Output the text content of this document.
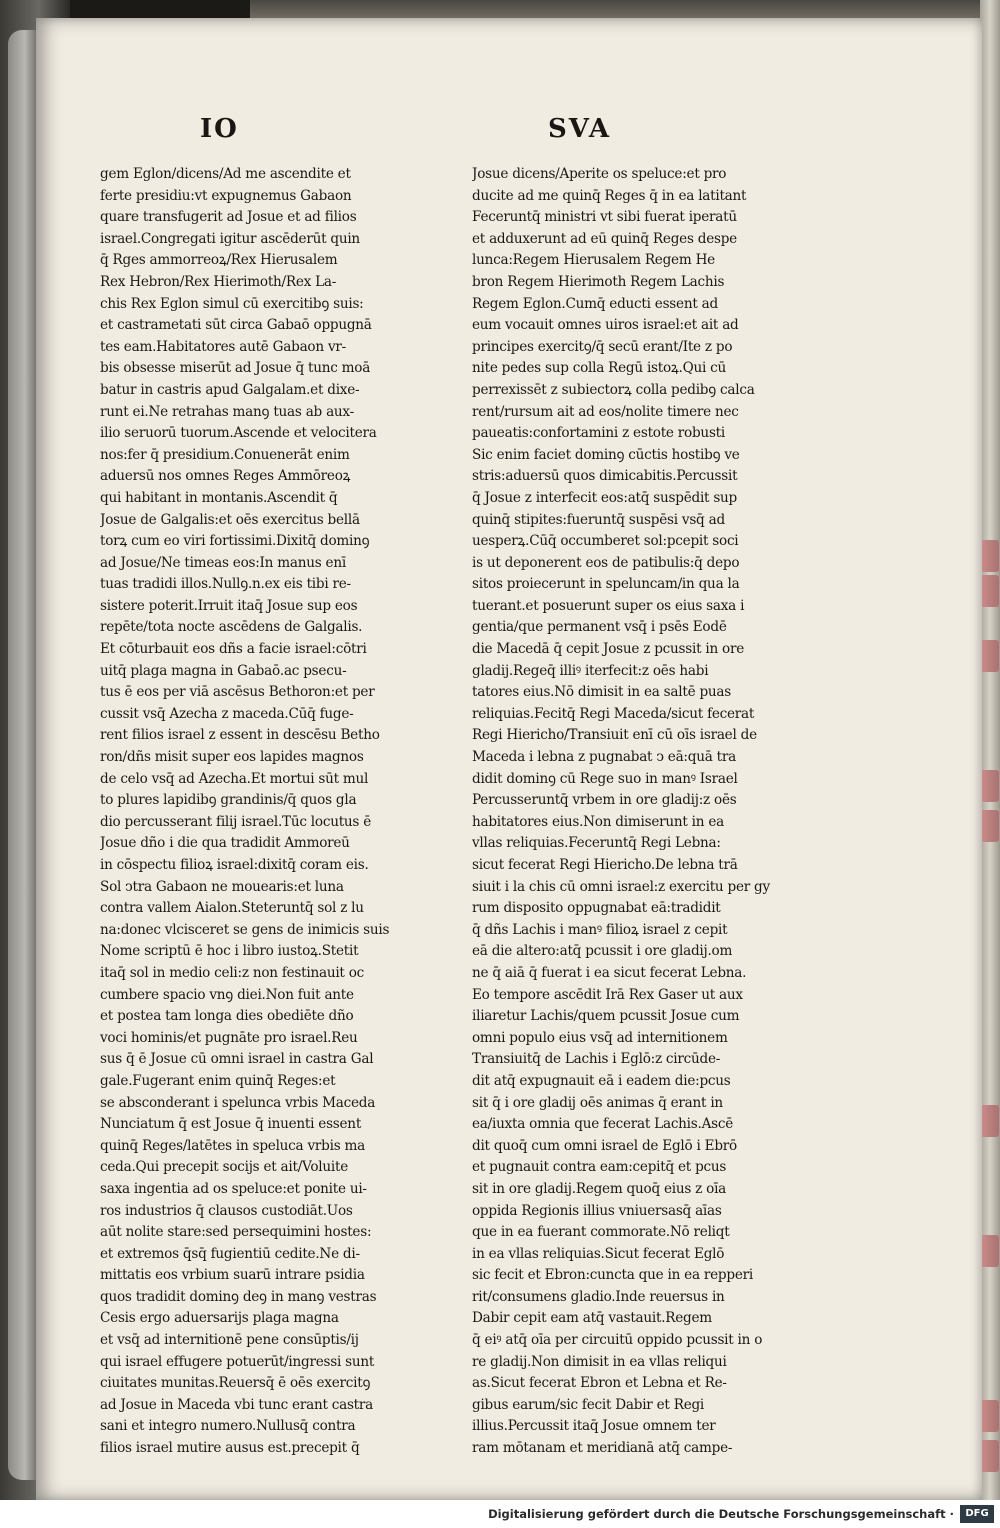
IO	SVA
gem Eglon/dicens/Ad me ascendite et
ferte presidiu:vt expugnemus Gabaon
quare transfugerit ad Josue et ad filios
israel.Congregati igitur ascēderūt quin
q̄ Rges ammorreoꝝ/Rex Hierusalem
Rex Hebron/Rex Hierimoth/Rex La-
chis Rex Eglon simul cū exercitibꝯ suis:
et castrametati sūt circa Gabaō oppugnā
tes eam.Habitatores autē Gabaon vr-
bis obsesse miserūt ad Josue q̄ tunc moā
batur in castris apud Galgalam.et dixe-
runt ei.Ne retrahas manꝯ tuas ab aux-
ilio seruorū tuorum.Ascende et velocitera
nos:fer q̄ presidium.Conuenerāt enim
aduersū nos omnes Reges Ammōreoꝝ
qui habitant in montanis.Ascendit q̄
Josue de Galgalis:et oēs exercitus bellā
torꝝ cum eo viri fortissimi.Dixitq̄ dominꝯ
ad Josue/Ne timeas eos:In manus enī
tuas tradidi illos.Nullꝯ.n.ex eis tibi re-
sistere poterit.Irruit itaq̄ Josue sup eos
repēte/tota nocte ascēdens de Galgalis.
Et cōturbauit eos dñs a facie israel:cōtri
uitq̄ plaga magna in Gabaō.ac psecu-
tus ē eos per viā ascēsus Bethoron:et per
cussit vsq̄ Azecha z maceda.Cūq̄ fuge-
rent filios israel z essent in descēsu Betho
ron/dñs misit super eos lapides magnos
de celo vsq̄ ad Azecha.Et mortui sūt mul
to plures lapidibꝯ grandinis/q̄ quos gla
dio percusserant filij israel.Tūc locutus ē
Josue dño i die qua tradidit Ammoreū
in cōspectu filioꝝ israel:dixitq̄ coram eis.
Sol ↄtra Gabaon ne mouearis:et luna
contra vallem Aialon.Steteruntq̄ sol z lu
na:donec vlcisceret se gens de inimicis suis
Nome scriptū ē hoc i libro iustoꝝ.Stetit
itaq̄ sol in medio celi:z non festinauit oc
cumbere spacio vnꝯ diei.Non fuit ante
et postea tam longa dies obediēte dño
voci hominis/et pugnāte pro israel.Reu
sus q̄ ē Josue cū omni israel in castra Gal
gale.Fugerant enim quinq̄ Reges:et
se absconderant i spelunca vrbis Maceda
Nunciatum q̄ est Josue q̄ inuenti essent
quinq̄ Reges/latētes in speluca vrbis ma
ceda.Qui precepit socijs et ait/Voluite
saxa ingentia ad os speluce:et ponite ui-
ros industrios q̄ clausos custodiāt.Uos
aūt nolite stare:sed persequimini hostes:
et extremos q̄sq̄ fugientiū cedite.Ne di-
mittatis eos vrbium suarū intrare psidia
quos tradidit dominꝯ deꝯ in manꝯ vestras
Cesis ergo aduersarijs plaga magna
et vsq̄ ad internitionē pene consūptis/ij
qui israel effugere potuerūt/ingressi sunt
ciuitates munitas.Reuersq̄ ē oēs exercitꝯ
ad Josue in Maceda vbi tunc erant castra
sani et integro numero.Nullusq̄ contra
filios israel mutire ausus est.precepit q̄
Josue dicens/Aperite os speluce:et pro
ducite ad me quinq̄ Reges q̄ in ea latitant
Feceruntq̄ ministri vt sibi fuerat iperatū
et adduxerunt ad eū quinq̄ Reges despe
lunca:Regem Hierusalem Regem He
bron Regem Hierimoth Regem Lachis
Regem Eglon.Cumq̄ educti essent ad
eum vocauit omnes uiros israel:et ait ad
principes exercitꝯ/q̄ secū erant/Ite z po
nite pedes sup colla Regū istoꝝ.Qui cū
perrexissēt z subiectorꝝ colla pedibꝯ calca
rent/rursum ait ad eos/nolite timere nec
paueatis:confortamini z estote robusti
Sic enim faciet dominꝯ cūctis hostibꝯ ve
stris:aduersū quos dimicabitis.Percussit
q̄ Josue z interfecit eos:atq̄ suspēdit sup
quinq̄ stipites:fueruntq̄ suspēsi vsq̄ ad
uesperꝝ.Cūq̄ occumberet sol:pcepit soci
is ut deponerent eos de patibulis:q̄ depo
sitos proiecerunt in speluncam/in qua la
tuerant.et posuerunt super os eius saxa i
gentia/que permanent vsq̄ i psēs Eodē
die Macedā q̄ cepit Josue z pcussit in ore
gladij.Regeq̄ illiꝰ iterfecit:z oēs habi
tatores eius.Nō dimisit in ea saltē puas
reliquias.Fecitq̄ Regi Maceda/sicut fecerat
Regi Hiericho/Transiuit enī cū oīs israel de
Maceda i lebna z pugnabat ↄ eā:quā tra
didit dominꝯ cū Rege suo in manꝰ Israel
Percusseruntq̄ vrbem in ore gladij:z oēs
habitatores eius.Non dimiserunt in ea
vllas reliquias.Feceruntq̄ Regi Lebna:
sicut fecerat Regi Hiericho.De lebna trā
siuit i la chis cū omni israel:z exercitu per gy
rum disposito oppugnabat eā:tradidit
q̄ dñs Lachis i manꝰ filioꝝ israel z cepit
eā die altero:atq̄ pcussit i ore gladij.om
ne q̄ aiā q̄ fuerat i ea sicut fecerat Lebna.
Eo tempore ascēdit Irā Rex Gaser ut aux
iliaretur Lachis/quem pcussit Josue cum
omni populo eius vsq̄ ad internitionem
Transiuitq̄ de Lachis i Eglō:z circūde-
dit atq̄ expugnauit eā i eadem die:pcus
sit q̄ i ore gladij oēs animas q̄ erant in
ea/iuxta omnia que fecerat Lachis.Ascē
dit quoq̄ cum omni israel de Eglō i Ebrō
et pugnauit contra eam:cepitq̄ et pcus
sit in ore gladij.Regem quoq̄ eius z oīa
oppida Regionis illius vniuersasq̄ aīas
que in ea fuerant commorate.Nō reliqt
in ea vllas reliquias.Sicut fecerat Eglō
sic fecit et Ebron:cuncta que in ea repperi
rit/consumens gladio.Inde reuersus in
Dabir cepit eam atq̄ vastauit.Regem
q̄ eiꝰ atq̄ oīa per circuitū oppido pcussit in o
re gladij.Non dimisit in ea vllas reliqui
as.Sicut fecerat Ebron et Lebna et Re-
gibus earum/sic fecit Dabir et Regi
illius.Percussit itaq̄ Josue omnem ter
ram mōtanam et meridianā atq̄ campe-
Digitalisierung gefördert durch die Deutsche Forschungsgemeinschaft ·	DFG
